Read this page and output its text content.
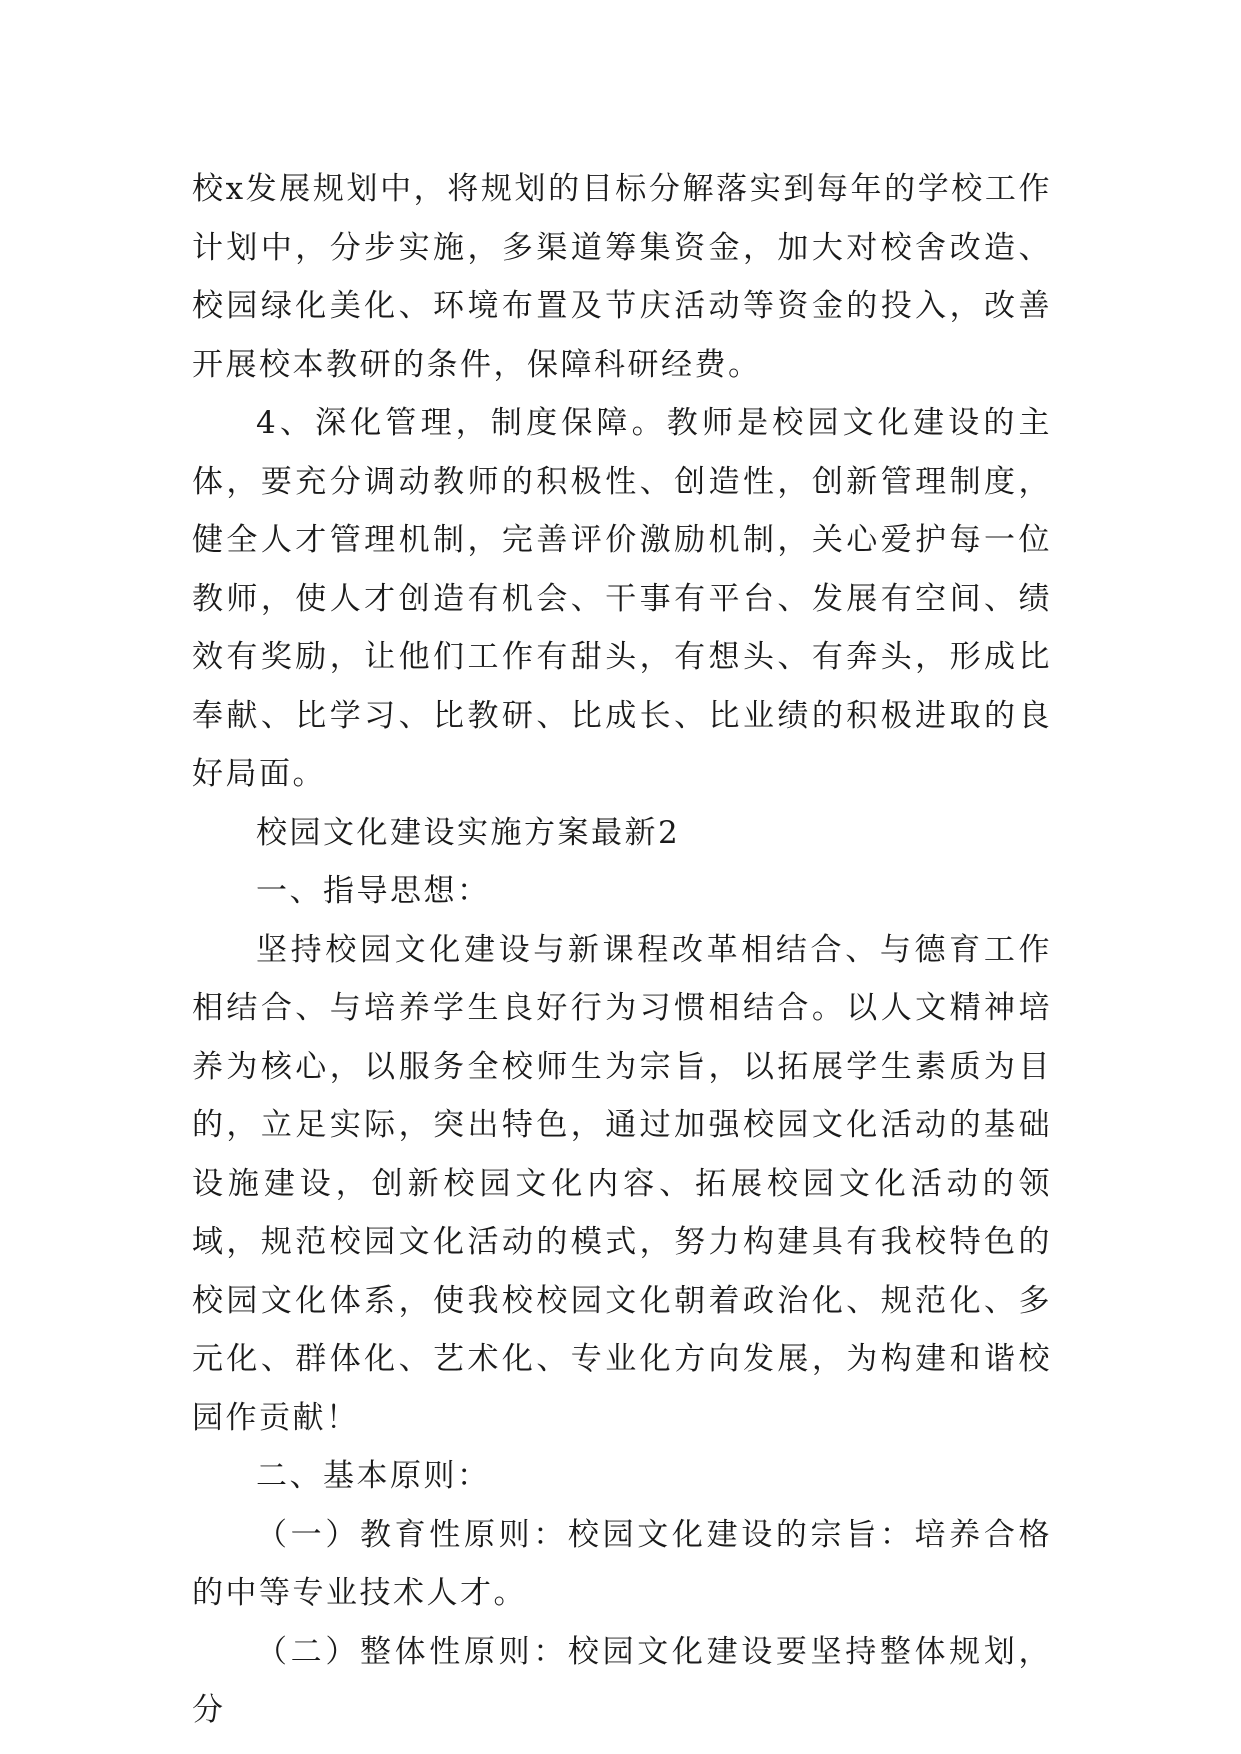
校x发展规划中，将规划的目标分解落实到每年的学校工作计划中，分步实施，多渠道筹集资金，加大对校舍改造、校园绿化美化、环境布置及节庆活动等资金的投入，改善开展校本教研的条件，保障科研经费。

4、深化管理，制度保障。教师是校园文化建设的主体，要充分调动教师的积极性、创造性，创新管理制度，健全人才管理机制，完善评价激励机制，关心爱护每一位教师，使人才创造有机会、干事有平台、发展有空间、绩效有奖励，让他们工作有甜头，有想头、有奔头，形成比奉献、比学习、比教研、比成长、比业绩的积极进取的良好局面。

校园文化建设实施方案最新2

一、指导思想：

坚持校园文化建设与新课程改革相结合、与德育工作相结合、与培养学生良好行为习惯相结合。以人文精神培养为核心，以服务全校师生为宗旨，以拓展学生素质为目的，立足实际，突出特色，通过加强校园文化活动的基础设施建设，创新校园文化内容、拓展校园文化活动的领域，规范校园文化活动的模式，努力构建具有我校特色的校园文化体系，使我校校园文化朝着政治化、规范化、多元化、群体化、艺术化、专业化方向发展，为构建和谐校园作贡献！

二、基本原则：

（一）教育性原则：校园文化建设的宗旨：培养合格的中等专业技术人才。

（二）整体性原则：校园文化建设要坚持整体规划，分
